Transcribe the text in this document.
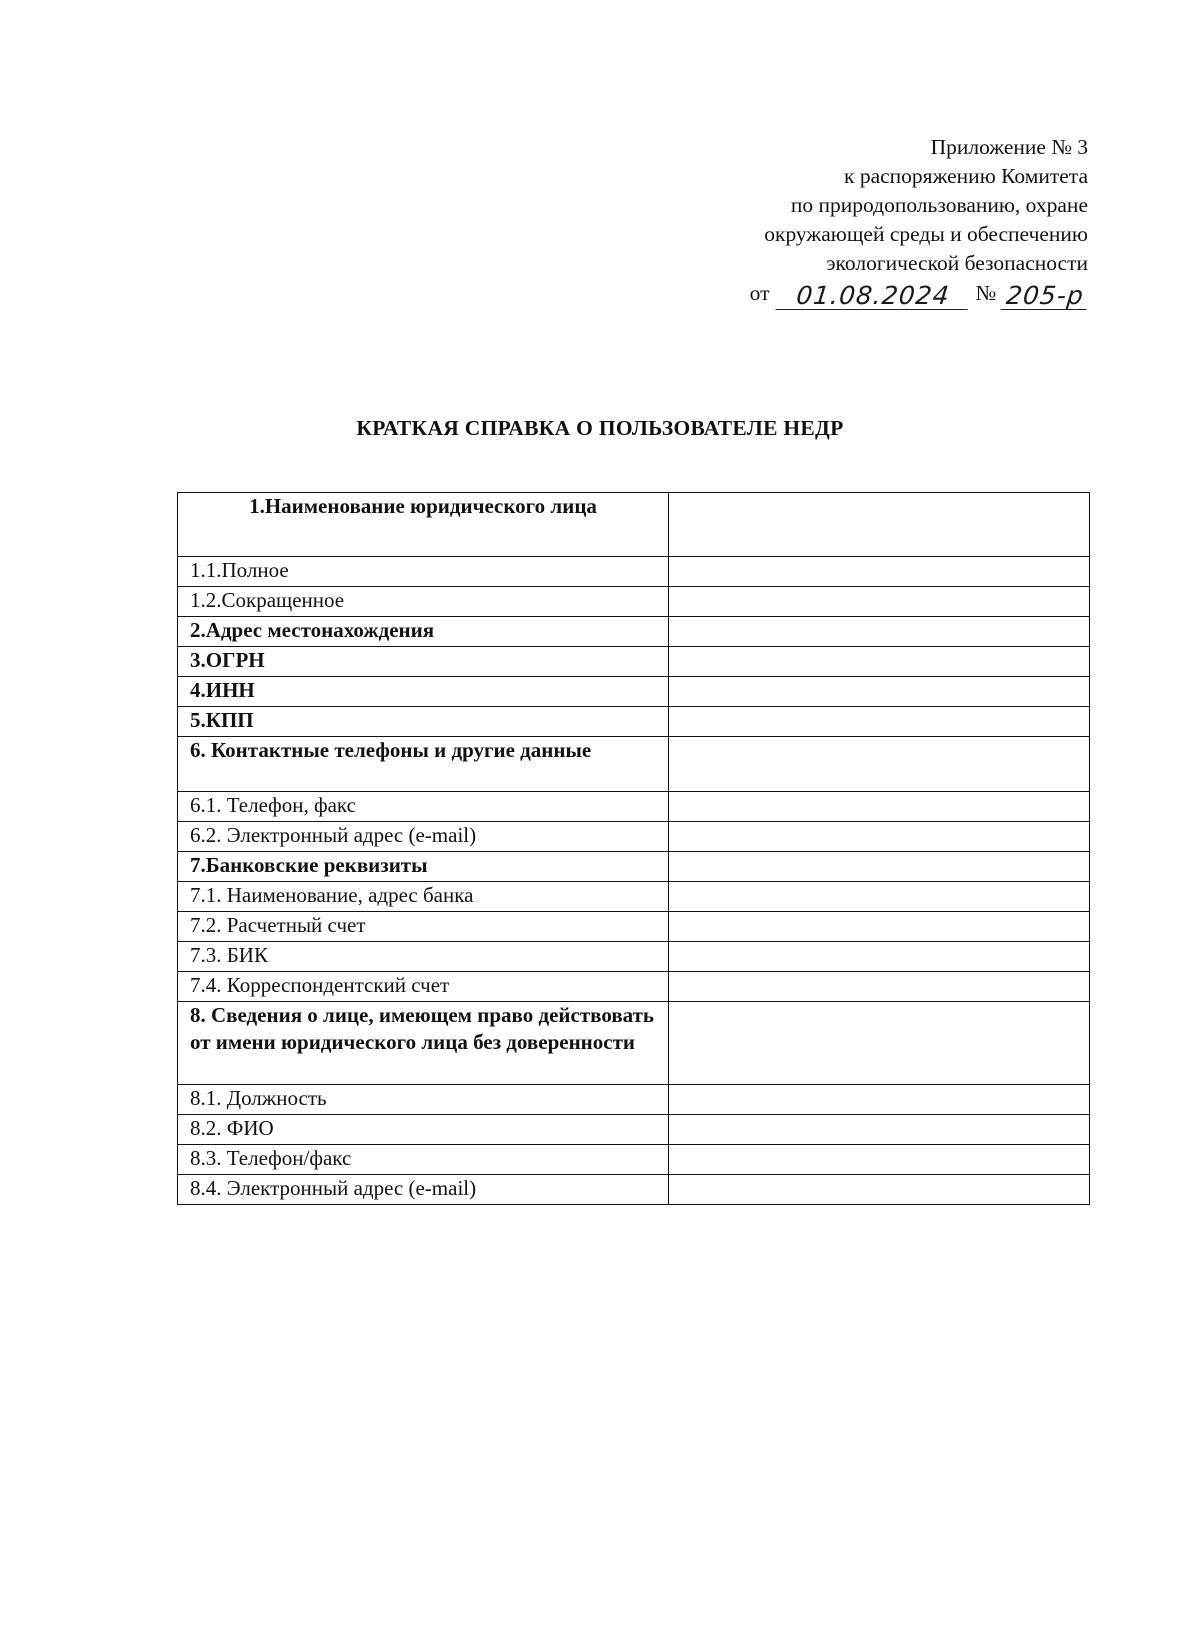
Приложение № 3
к распоряжению Комитета
по природопользованию, охране
окружающей среды и обеспечению
экологической безопасности
от	01.08.2024	№ 205-р
КРАТКАЯ СПРАВКА О ПОЛЬЗОВАТЕЛЕ НЕДР
1.Наименование юридического лица	
1.1.Полное	
1.2.Сокращенное	
2.Адрес местонахождения	
3.ОГРН	
4.ИНН	
5.КПП	
6. Контактные телефоны и другие данные	
6.1. Телефон, факс	
6.2. Электронный адрес (e-mail)	
7.Банковские реквизиты	
7.1. Наименование, адрес банка	
7.2. Расчетный счет	
7.3. БИК	
7.4. Корреспондентский счет	
8. Сведения о лице, имеющем право действовать от имени юридического лица без доверенности	
8.1. Должность	
8.2. ФИО	
8.3. Телефон/факс	
8.4. Электронный адрес (e-mail)	
